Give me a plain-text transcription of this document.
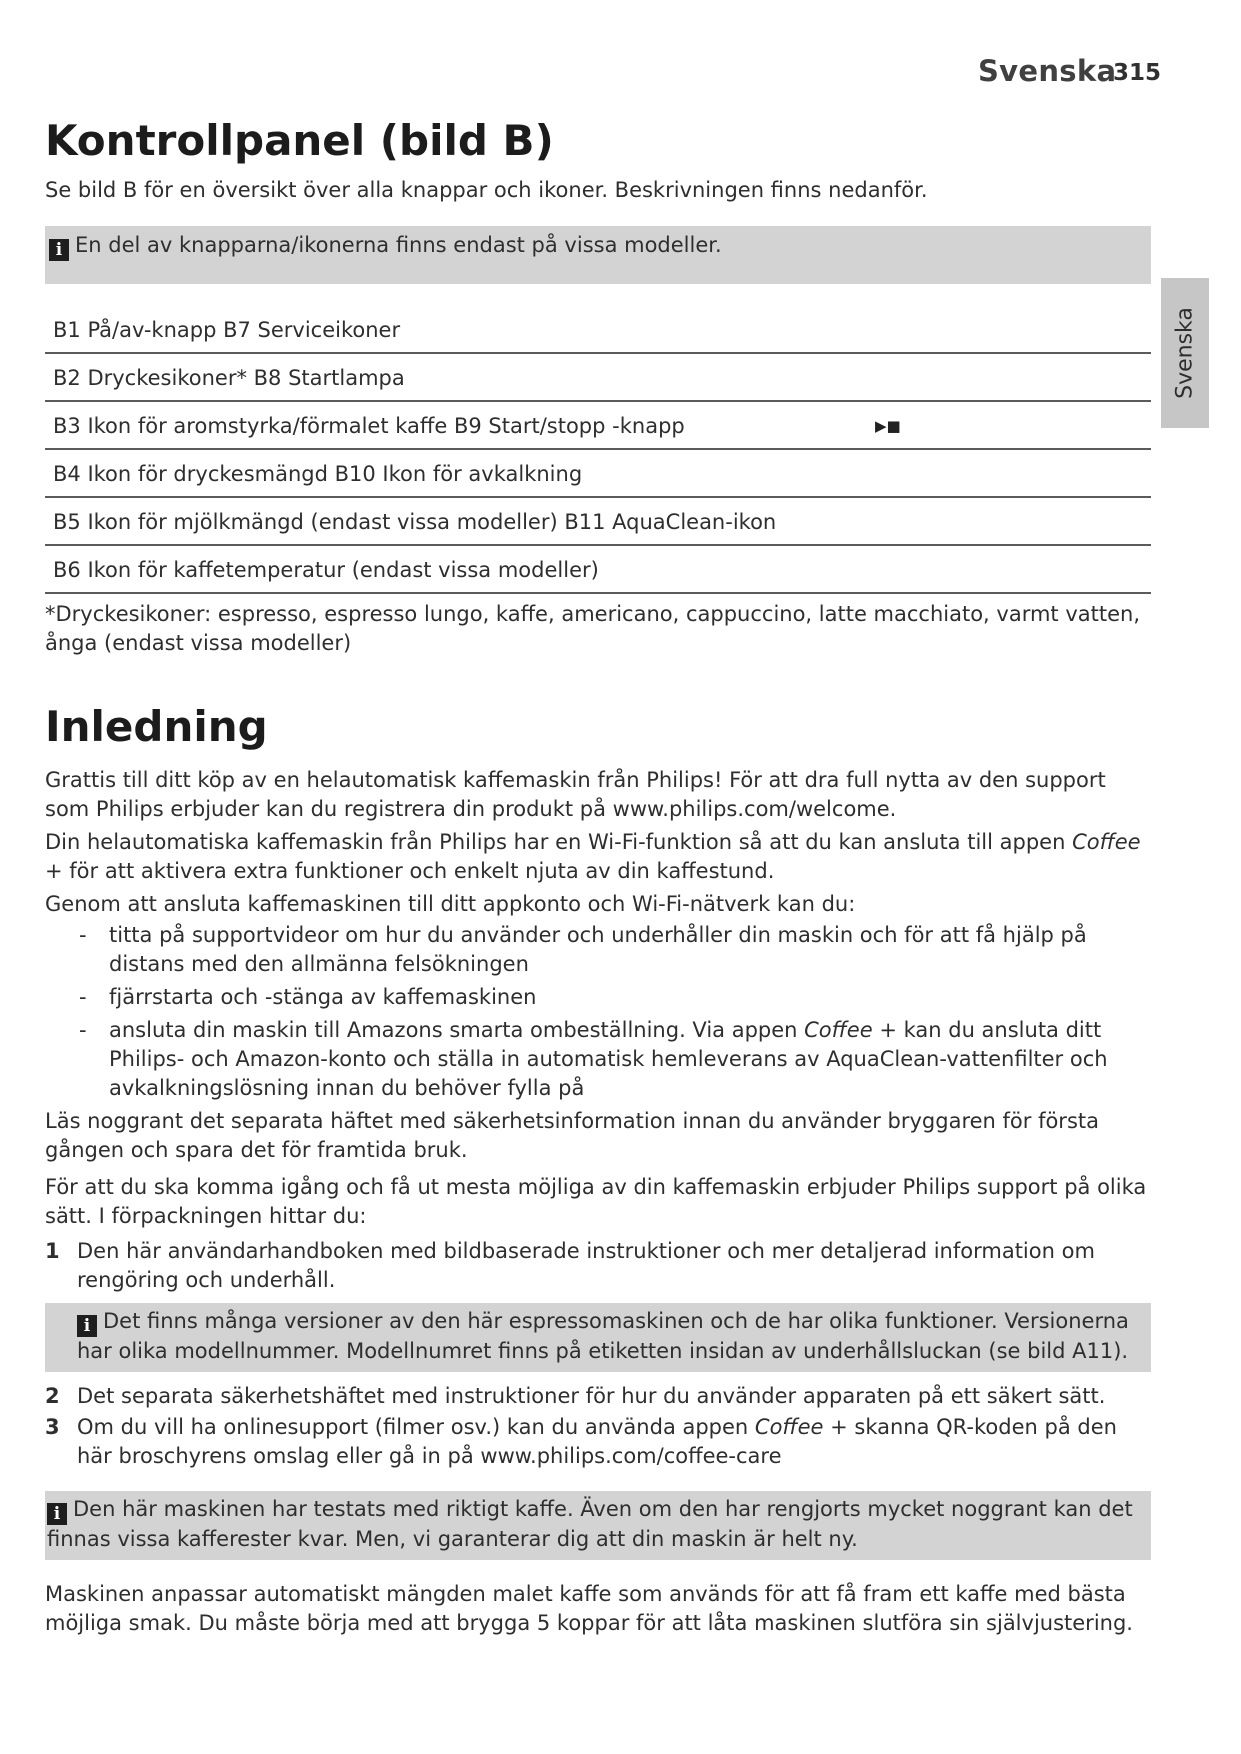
Svenska
315
Svenska
Kontrollpanel (bild B)
Se bild B för en översikt över alla knappar och ikoner. Beskrivningen finns nedanför.
i En del av knapparna/ikonerna finns endast på vissa modeller.
B1 På/av-knapp B7 Serviceikoner
B2 Dryckesikoner* B8 Startlampa
B3 Ikon för aromstyrka/förmalet kaffe B9 Start/stopp -knapp	▶■
B4 Ikon för dryckesmängd B10 Ikon för avkalkning
B5 Ikon för mjölkmängd (endast vissa modeller) B11 AquaClean-ikon
B6 Ikon för kaffetemperatur (endast vissa modeller)
*Dryckesikoner: espresso, espresso lungo, kaffe, americano, cappuccino, latte macchiato, varmt vatten, ånga (endast vissa modeller)
Inledning
Grattis till ditt köp av en helautomatisk kaffemaskin från Philips! För att dra full nytta av den support som Philips erbjuder kan du registrera din produkt på www.philips.com/welcome.
Din helautomatiska kaffemaskin från Philips har en Wi-Fi-funktion så att du kan ansluta till appen Coffee + för att aktivera extra funktioner och enkelt njuta av din kaffestund.
Genom att ansluta kaffemaskinen till ditt appkonto och Wi-Fi-nätverk kan du:
- titta på supportvideor om hur du använder och underhåller din maskin och för att få hjälp på distans med den allmänna felsökningen
- fjärrstarta och -stänga av kaffemaskinen
- ansluta din maskin till Amazons smarta ombeställning. Via appen Coffee + kan du ansluta ditt Philips- och Amazon-konto och ställa in automatisk hemleverans av AquaClean-vattenfilter och avkalkningslösning innan du behöver fylla på
Läs noggrant det separata häftet med säkerhetsinformation innan du använder bryggaren för första gången och spara det för framtida bruk.
För att du ska komma igång och få ut mesta möjliga av din kaffemaskin erbjuder Philips support på olika sätt. I förpackningen hittar du:
1 Den här användarhandboken med bildbaserade instruktioner och mer detaljerad information om rengöring och underhåll.
i Det finns många versioner av den här espressomaskinen och de har olika funktioner. Versionerna har olika modellnummer. Modellnumret finns på etiketten insidan av underhållsluckan (se bild A11).
2 Det separata säkerhetshäftet med instruktioner för hur du använder apparaten på ett säkert sätt.
3 Om du vill ha onlinesupport (filmer osv.) kan du använda appen Coffee + skanna QR-koden på den här broschyrens omslag eller gå in på www.philips.com/coffee-care
i Den här maskinen har testats med riktigt kaffe. Även om den har rengjorts mycket noggrant kan det finnas vissa kafferester kvar. Men, vi garanterar dig att din maskin är helt ny.
Maskinen anpassar automatiskt mängden malet kaffe som används för att få fram ett kaffe med bästa möjliga smak. Du måste börja med att brygga 5 koppar för att låta maskinen slutföra sin självjustering.
